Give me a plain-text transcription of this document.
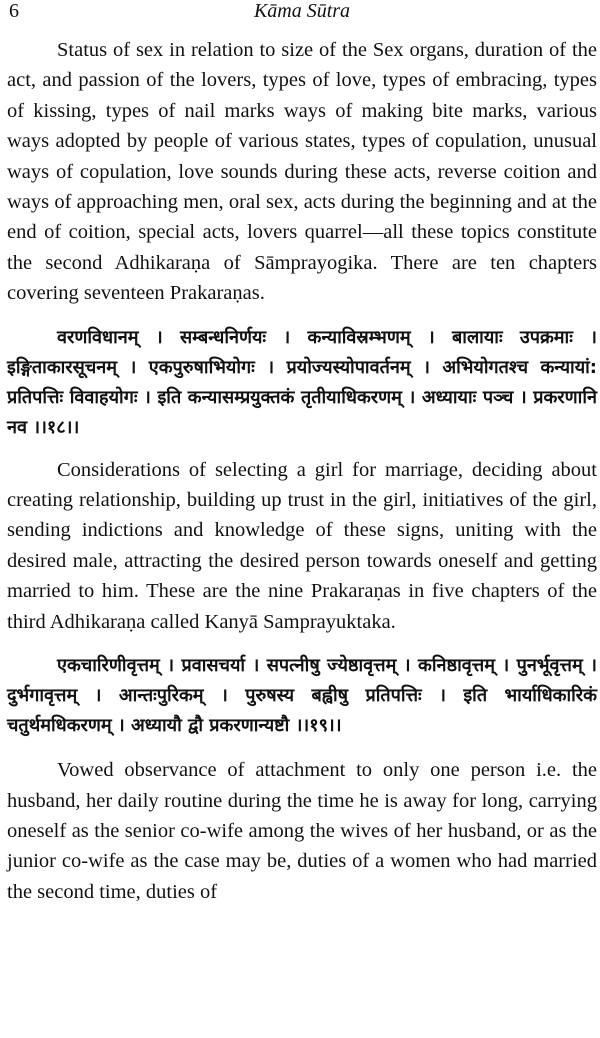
6	Kāma Sūtra

Status of sex in relation to size of the Sex organs, duration of the act, and passion of the lovers, types of love, types of embracing, types of kissing, types of nail marks ways of making bite marks, various ways adopted by people of various states, types of copulation, unusual ways of copulation, love sounds during these acts, reverse coition and ways of approaching men, oral sex, acts during the beginning and at the end of coition, special acts, lovers quarrel—all these topics constitute the second Adhikaraṇa of Sāmprayogika. There are ten chapters covering seventeen Prakaraṇas.

वरणविधानम् । सम्बन्धनिर्णयः । कन्याविस्रम्भणम् । बालायाः उपक्रमाः । इङ्गिताकारसूचनम् । एकपुरुषाभियोगः । प्रयोज्यस्योपावर्तनम् । अभियोगतश्च कन्यायां: प्रतिपत्तिः विवाहयोगः । इति कन्यासम्प्रयुक्तकं तृतीयाधिकरणम् । अध्यायाः पञ्च । प्रकरणानि नव ।।१८।।

Considerations of selecting a girl for marriage, deciding about creating relationship, building up trust in the girl, initiatives of the girl, sending indictions and knowledge of these signs, uniting with the desired male, attracting the desired person towards oneself and getting married to him. These are the nine Prakaraṇas in five chapters of the third Adhikaraṇa called Kanyā Samprayuktaka.

एकचारिणीवृत्तम् । प्रवासचर्या । सपत्नीषु ज्येष्ठावृत्तम् । कनिष्ठावृत्तम् । पुनर्भूवृत्तम् । दुर्भगावृत्तम् । आन्तःपुरिकम् । पुरुषस्य बह्वीषु प्रतिपत्तिः । इति भार्याधिकारिकं चतुर्थमधिकरणम् । अध्यायौ द्वौ प्रकरणान्यष्टौ ।।१९।।

Vowed observance of attachment to only one person i.e. the husband, her daily routine during the time he is away for long, carrying oneself as the senior co-wife among the wives of her husband, or as the junior co-wife as the case may be, duties of a women who had married the second time, duties of
